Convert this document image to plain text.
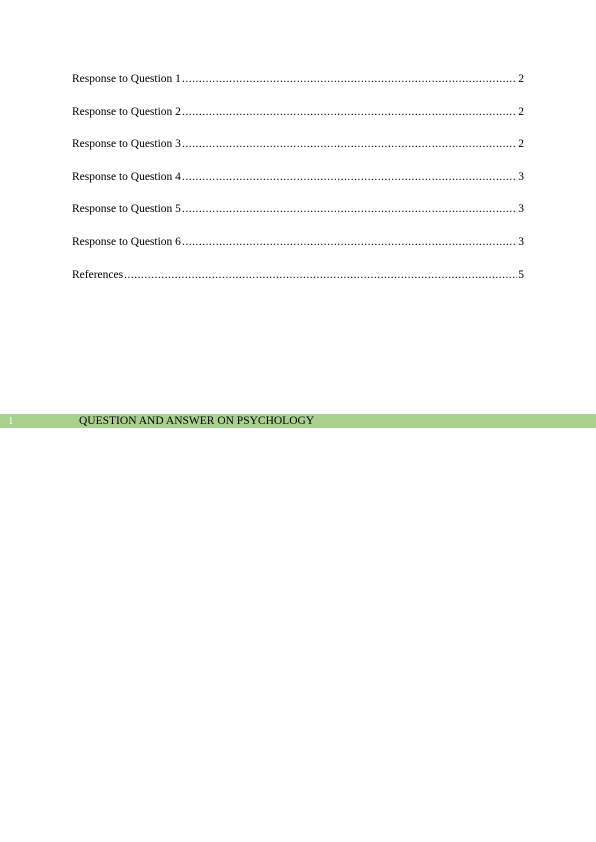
Response to Question 1 .....	2
Response to Question 2 .....	2
Response to Question 3 .....	2
Response to Question 4 .....	3
Response to Question 5 .....	3
Response to Question 6 .....	3
References .....	5
1	QUESTION AND ANSWER ON PSYCHOLOGY
